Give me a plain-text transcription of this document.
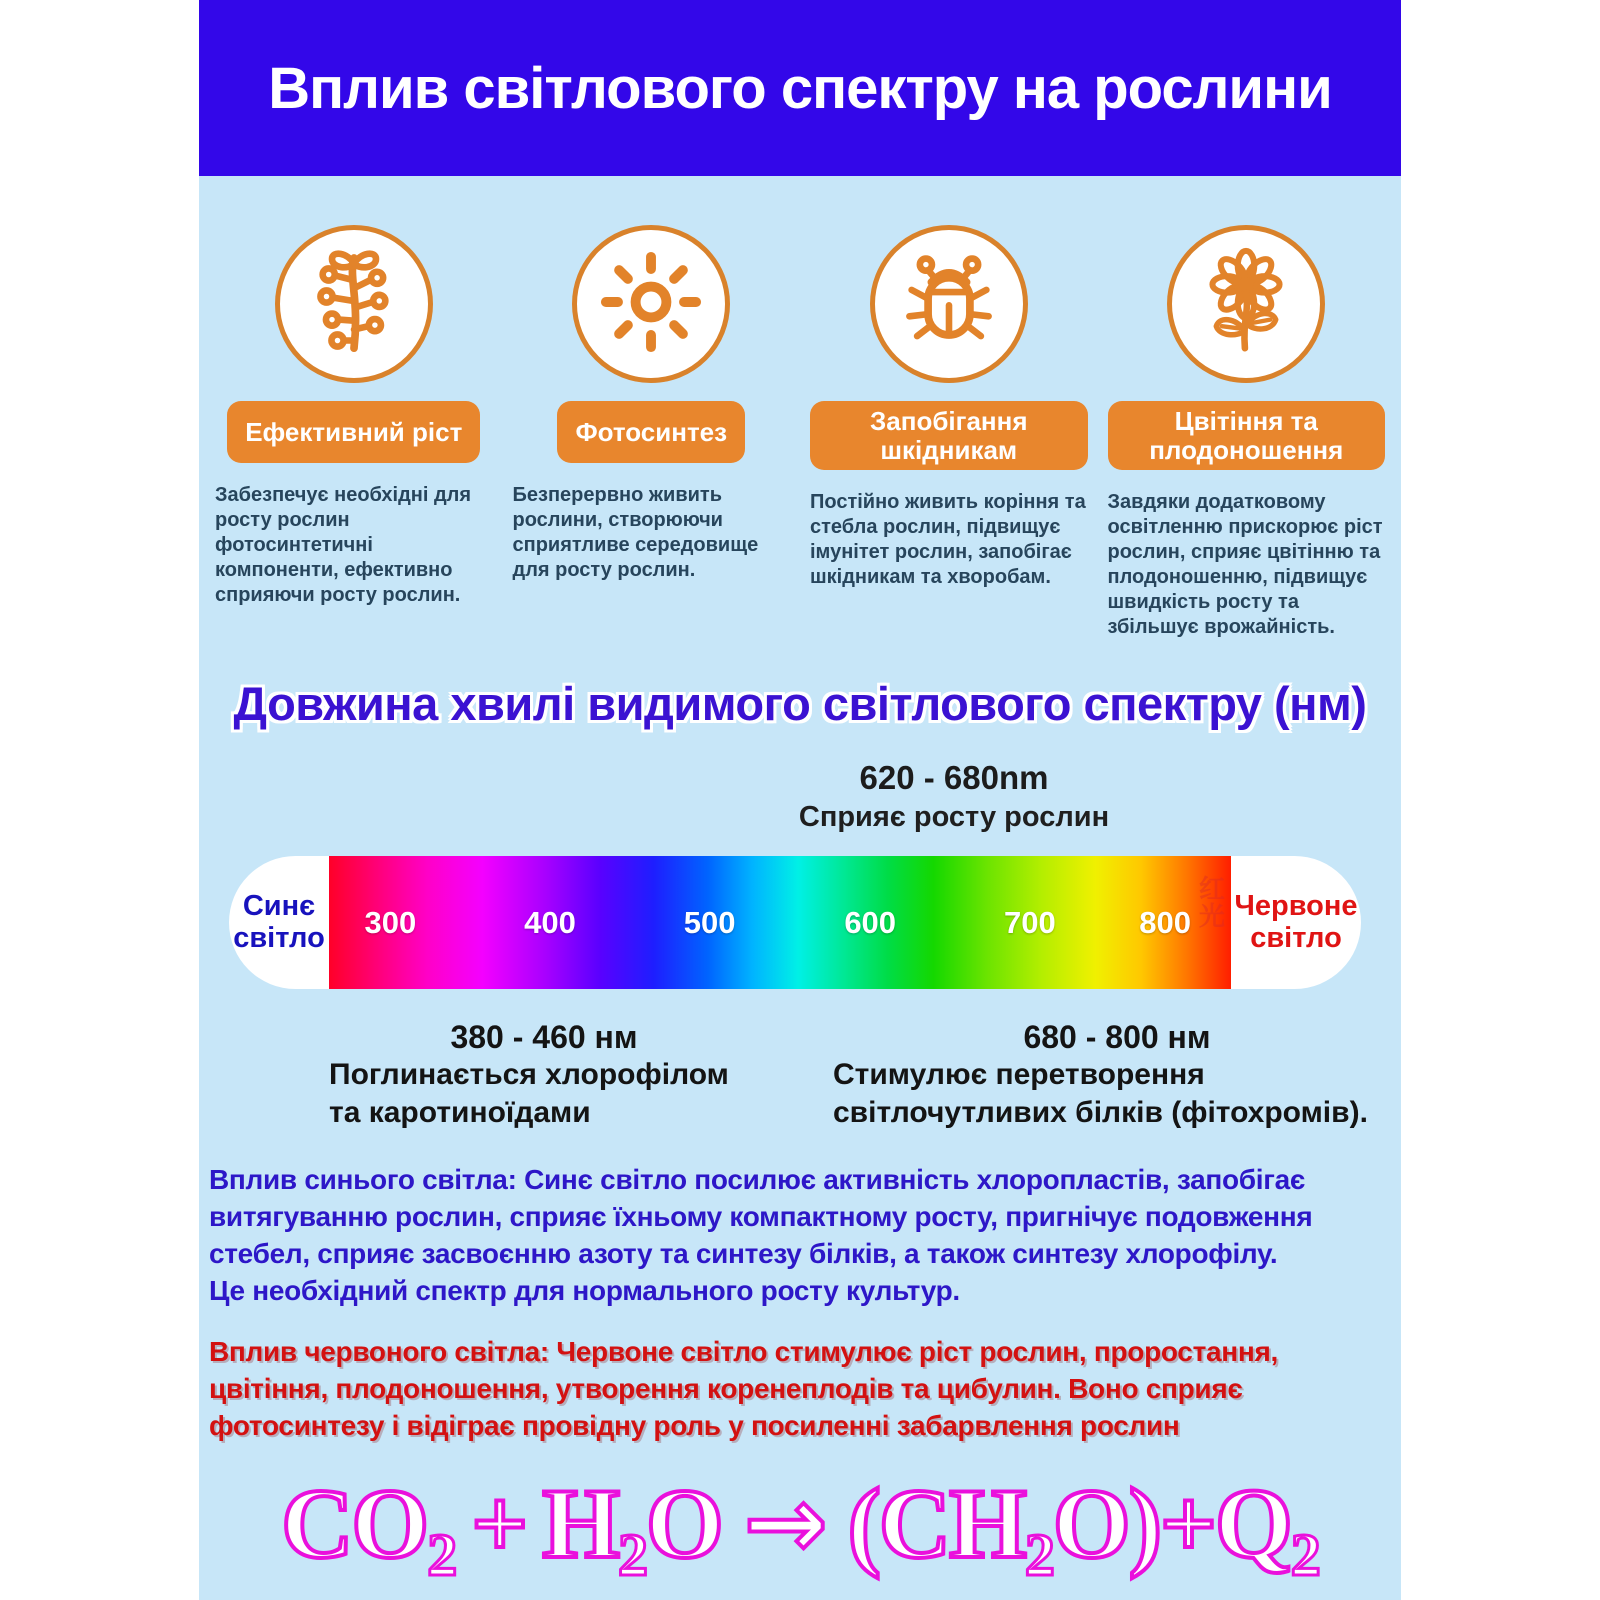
Вплив світлового спектру на рослини
Ефективний ріст
Забезпечує необхідні для росту рослин фотосинтетичні компоненти, ефективно сприяючи росту рослин.
Фотосинтез
Безперервно живить рослини, створюючи сприятливе середовище для росту рослин.
Запобігання шкідникам
Постійно живить коріння та стебла рослин, підвищує імунітет рослин, запобігає шкідникам та хворобам.
Цвітіння та плодоношення
Завдяки додатковому освітленню прискорює ріст рослин, сприяє цвітінню та плодоношенню, підвищує швидкість росту та збільшує врожайність.
Довжина хвилі видимого світлового спектру (нм)
620 - 680nm
Сприяє росту рослин
Синє
світло 300	400	500	600	700	800
红光 Червоне
світло
380 - 460 нм
Поглинається хлорофілом
та каротиноїдами
680 - 800 нм
Стимулює перетворення
світлочутливих білків (фітохромів).
Вплив синього світла: Синє світло посилює активність хлоропластів, запобігає
витягуванню рослин, сприяє їхньому компактному росту, пригнічує подовження
стебел, сприяє засвоєнню азоту та синтезу білків, а також синтезу хлорофілу.
Це необхідний спектр для нормального росту культур.
Вплив червоного світла: Червоне світло стимулює ріст рослин, проростання,
цвітіння, плодоношення, утворення коренеплодів та цибулин. Воно сприяє
фотосинтезу і відіграє провідну роль у посиленні забарвлення рослин
$CO_2 + H_2O \to (CH_2O)+Q_2$
